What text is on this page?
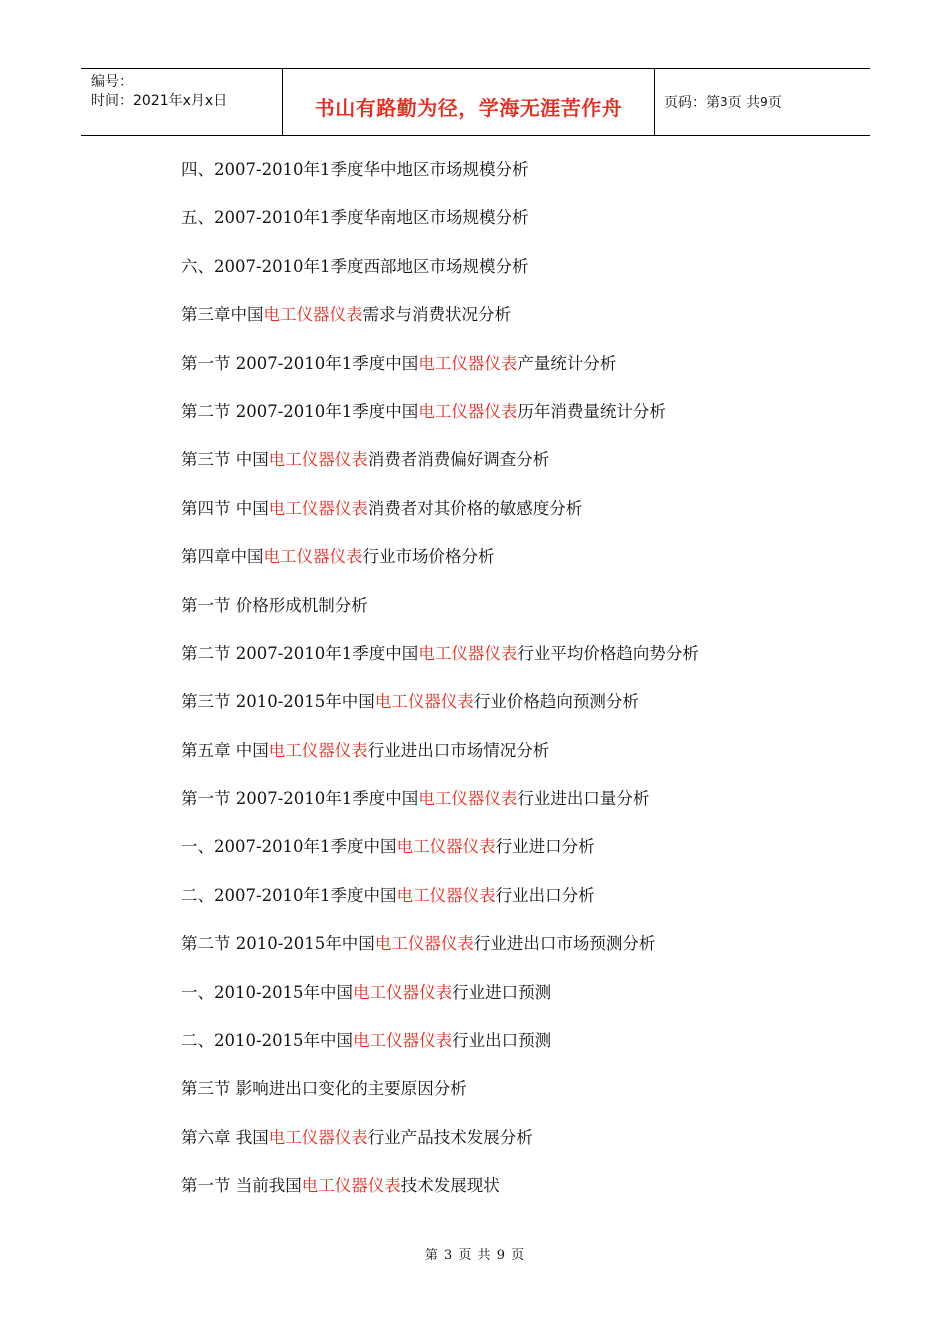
编号：
时间：2021年x月x日	书山有路勤为径，学海无涯苦作舟	页码：第 3 页 共 9 页
四、2007-2010年1季度华中地区市场规模分析
五、2007-2010年1季度华南地区市场规模分析
六、2007-2010年1季度西部地区市场规模分析
第三章中国电工仪器仪表需求与消费状况分析
第一节 2007-2010年1季度中国电工仪器仪表产量统计分析
第二节 2007-2010年1季度中国电工仪器仪表历年消费量统计分析
第三节 中国电工仪器仪表消费者消费偏好调查分析
第四节 中国电工仪器仪表消费者对其价格的敏感度分析
第四章中国电工仪器仪表行业市场价格分析
第一节 价格形成机制分析
第二节 2007-2010年1季度中国电工仪器仪表行业平均价格趋向势分析
第三节 2010-2015年中国电工仪器仪表行业价格趋向预测分析
第五章 中国电工仪器仪表行业进出口市场情况分析
第一节 2007-2010年1季度中国电工仪器仪表行业进出口量分析
一、2007-2010年1季度中国电工仪器仪表行业进口分析
二、2007-2010年1季度中国电工仪器仪表行业出口分析
第二节 2010-2015年中国电工仪器仪表行业进出口市场预测分析
一、2010-2015年中国电工仪器仪表行业进口预测
二、2010-2015年中国电工仪器仪表行业出口预测
第三节 影响进出口变化的主要原因分析
第六章 我国电工仪器仪表行业产品技术发展分析
第一节 当前我国电工仪器仪表技术发展现状
第 3 页 共 9 页
